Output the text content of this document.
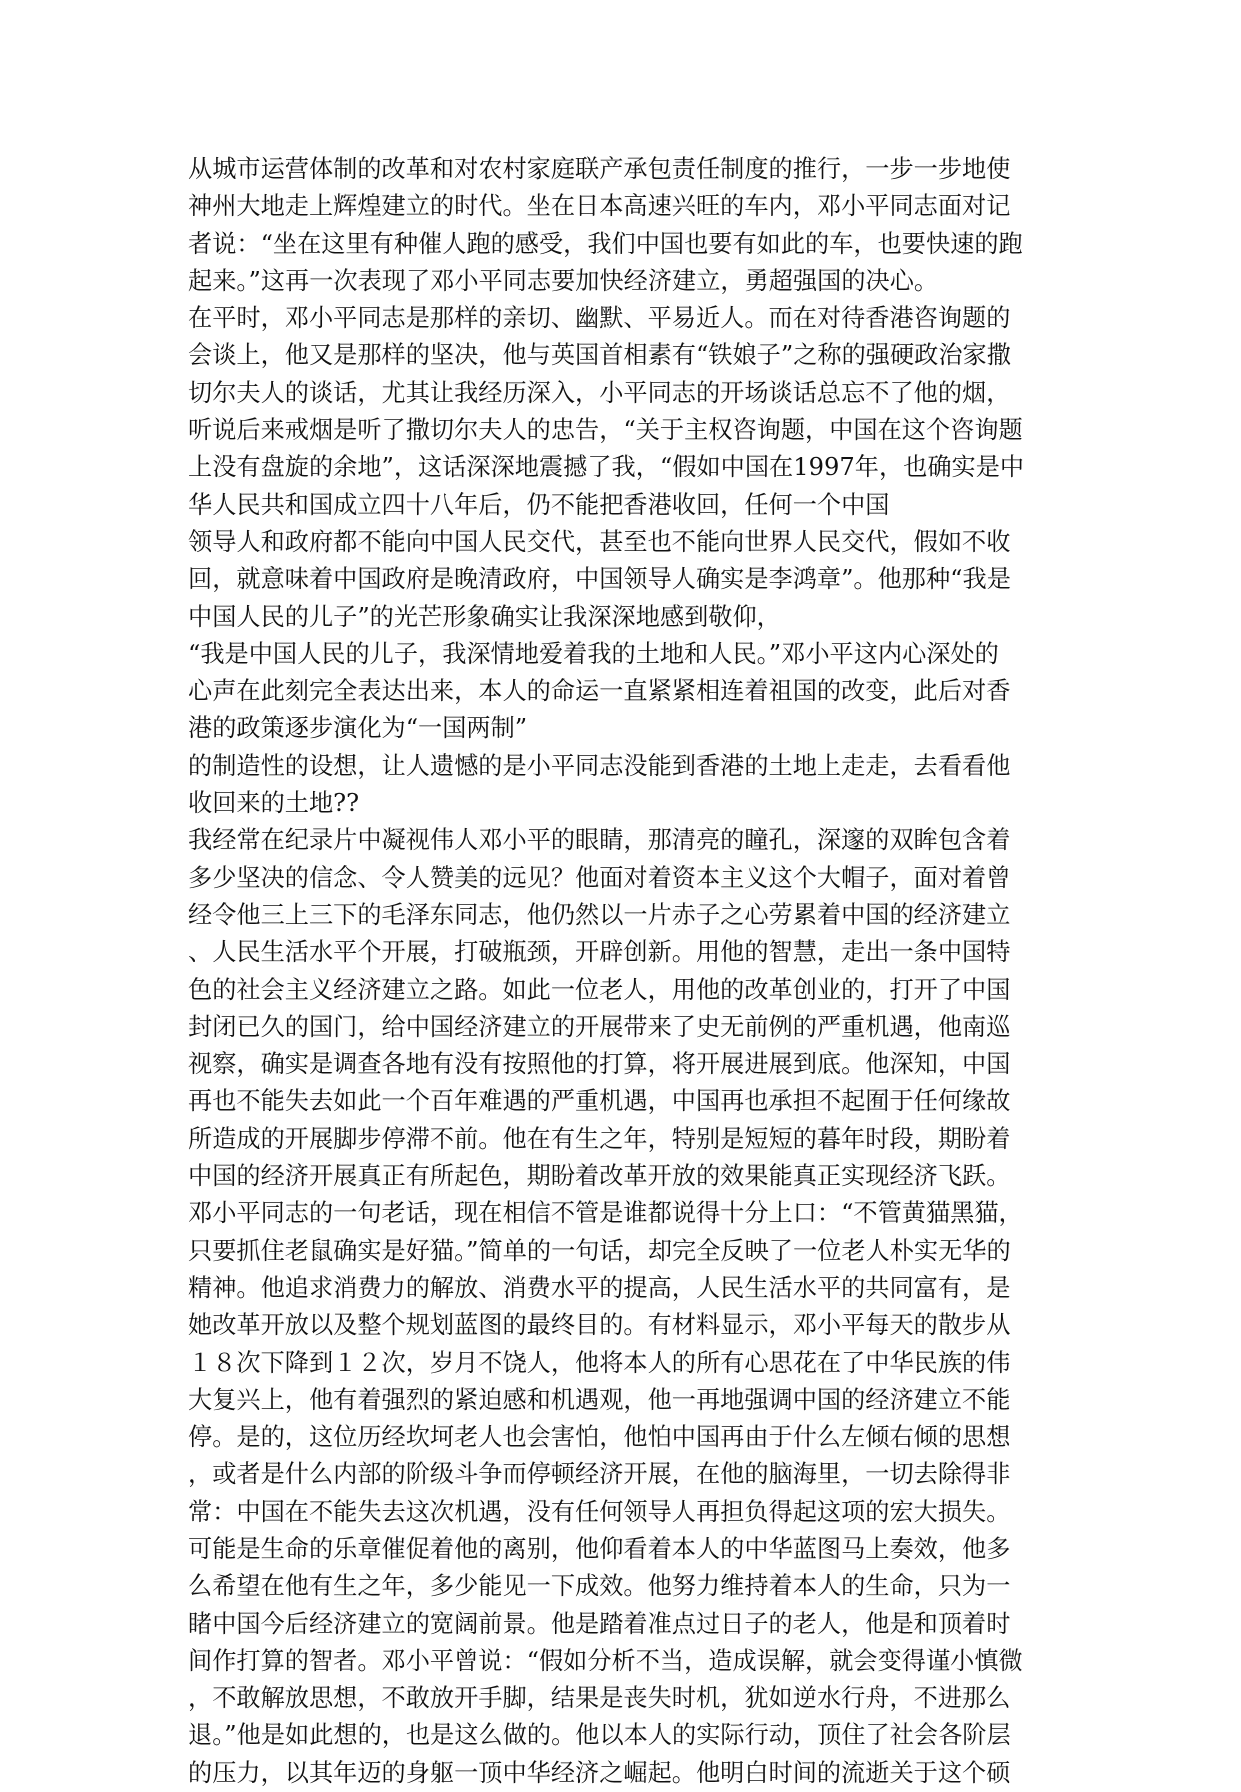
从城市运营体制的改革和对农村家庭联产承包责任制度的推行，一步一步地使
神州大地走上辉煌建立的时代。坐在日本高速兴旺的车内，邓小平同志面对记
者说：“坐在这里有种催人跑的感受，我们中国也要有如此的车，也要快速的跑
起来。”这再一次表现了邓小平同志要加快经济建立，勇超强国的决心。
在平时，邓小平同志是那样的亲切、幽默、平易近人。而在对待香港咨询题的
会谈上，他又是那样的坚决，他与英国首相素有“铁娘子”之称的强硬政治家撒
切尔夫人的谈话，尤其让我经历深入，小平同志的开场谈话总忘不了他的烟，
听说后来戒烟是听了撒切尔夫人的忠告，“关于主权咨询题，中国在这个咨询题
上没有盘旋的余地”，这话深深地震撼了我，“假如中国在1997年，也确实是中
华人民共和国成立四十八年后，仍不能把香港收回，任何一个中国
领导人和政府都不能向中国人民交代，甚至也不能向世界人民交代，假如不收
回，就意味着中国政府是晚清政府，中国领导人确实是李鸿章”。他那种“我是
中国人民的儿子”的光芒形象确实让我深深地感到敬仰，
“我是中国人民的儿子，我深情地爱着我的土地和人民。”邓小平这内心深处的
心声在此刻完全表达出来，本人的命运一直紧紧相连着祖国的改变，此后对香
港的政策逐步演化为“一国两制”
的制造性的设想，让人遗憾的是小平同志没能到香港的土地上走走，去看看他
收回来的土地??
我经常在纪录片中凝视伟人邓小平的眼睛，那清亮的瞳孔，深邃的双眸包含着
多少坚决的信念、令人赞美的远见？他面对着资本主义这个大帽子，面对着曾
经令他三上三下的毛泽东同志，他仍然以一片赤子之心劳累着中国的经济建立
、人民生活水平个开展，打破瓶颈，开辟创新。用他的智慧，走出一条中国特
色的社会主义经济建立之路。如此一位老人，用他的改革创业的，打开了中国
封闭已久的国门，给中国经济建立的开展带来了史无前例的严重机遇，他南巡
视察，确实是调查各地有没有按照他的打算，将开展进展到底。他深知，中国
再也不能失去如此一个百年难遇的严重机遇，中国再也承担不起囿于任何缘故
所造成的开展脚步停滞不前。他在有生之年，特别是短短的暮年时段，期盼着
中国的经济开展真正有所起色，期盼着改革开放的效果能真正实现经济飞跃。
邓小平同志的一句老话，现在相信不管是谁都说得十分上口：“不管黄猫黑猫，
只要抓住老鼠确实是好猫。”简单的一句话，却完全反映了一位老人朴实无华的
精神。他追求消费力的解放、消费水平的提高，人民生活水平的共同富有，是
她改革开放以及整个规划蓝图的最终目的。有材料显示，邓小平每天的散步从
１８次下降到１２次，岁月不饶人，他将本人的所有心思花在了中华民族的伟
大复兴上，他有着强烈的紧迫感和机遇观，他一再地强调中国的经济建立不能
停。是的，这位历经坎坷老人也会害怕，他怕中国再由于什么左倾右倾的思想
，或者是什么内部的阶级斗争而停顿经济开展，在他的脑海里，一切去除得非
常：中国在不能失去这次机遇，没有任何领导人再担负得起这项的宏大损失。
可能是生命的乐章催促着他的离别，他仰看着本人的中华蓝图马上奏效，他多
么希望在他有生之年，多少能见一下成效。他努力维持着本人的生命，只为一
睹中国今后经济建立的宽阔前景。他是踏着准点过日子的老人，他是和顶着时
间作打算的智者。邓小平曾说：“假如分析不当，造成误解，就会变得谨小慎微
，不敢解放思想，不敢放开手脚，结果是丧失时机，犹如逆水行舟，不进那么
退。”他是如此想的，也是这么做的。他以本人的实际行动，顶住了社会各阶层
的压力，以其年迈的身躯一顶中华经济之崛起。他明白时间的流逝关于这个硕
